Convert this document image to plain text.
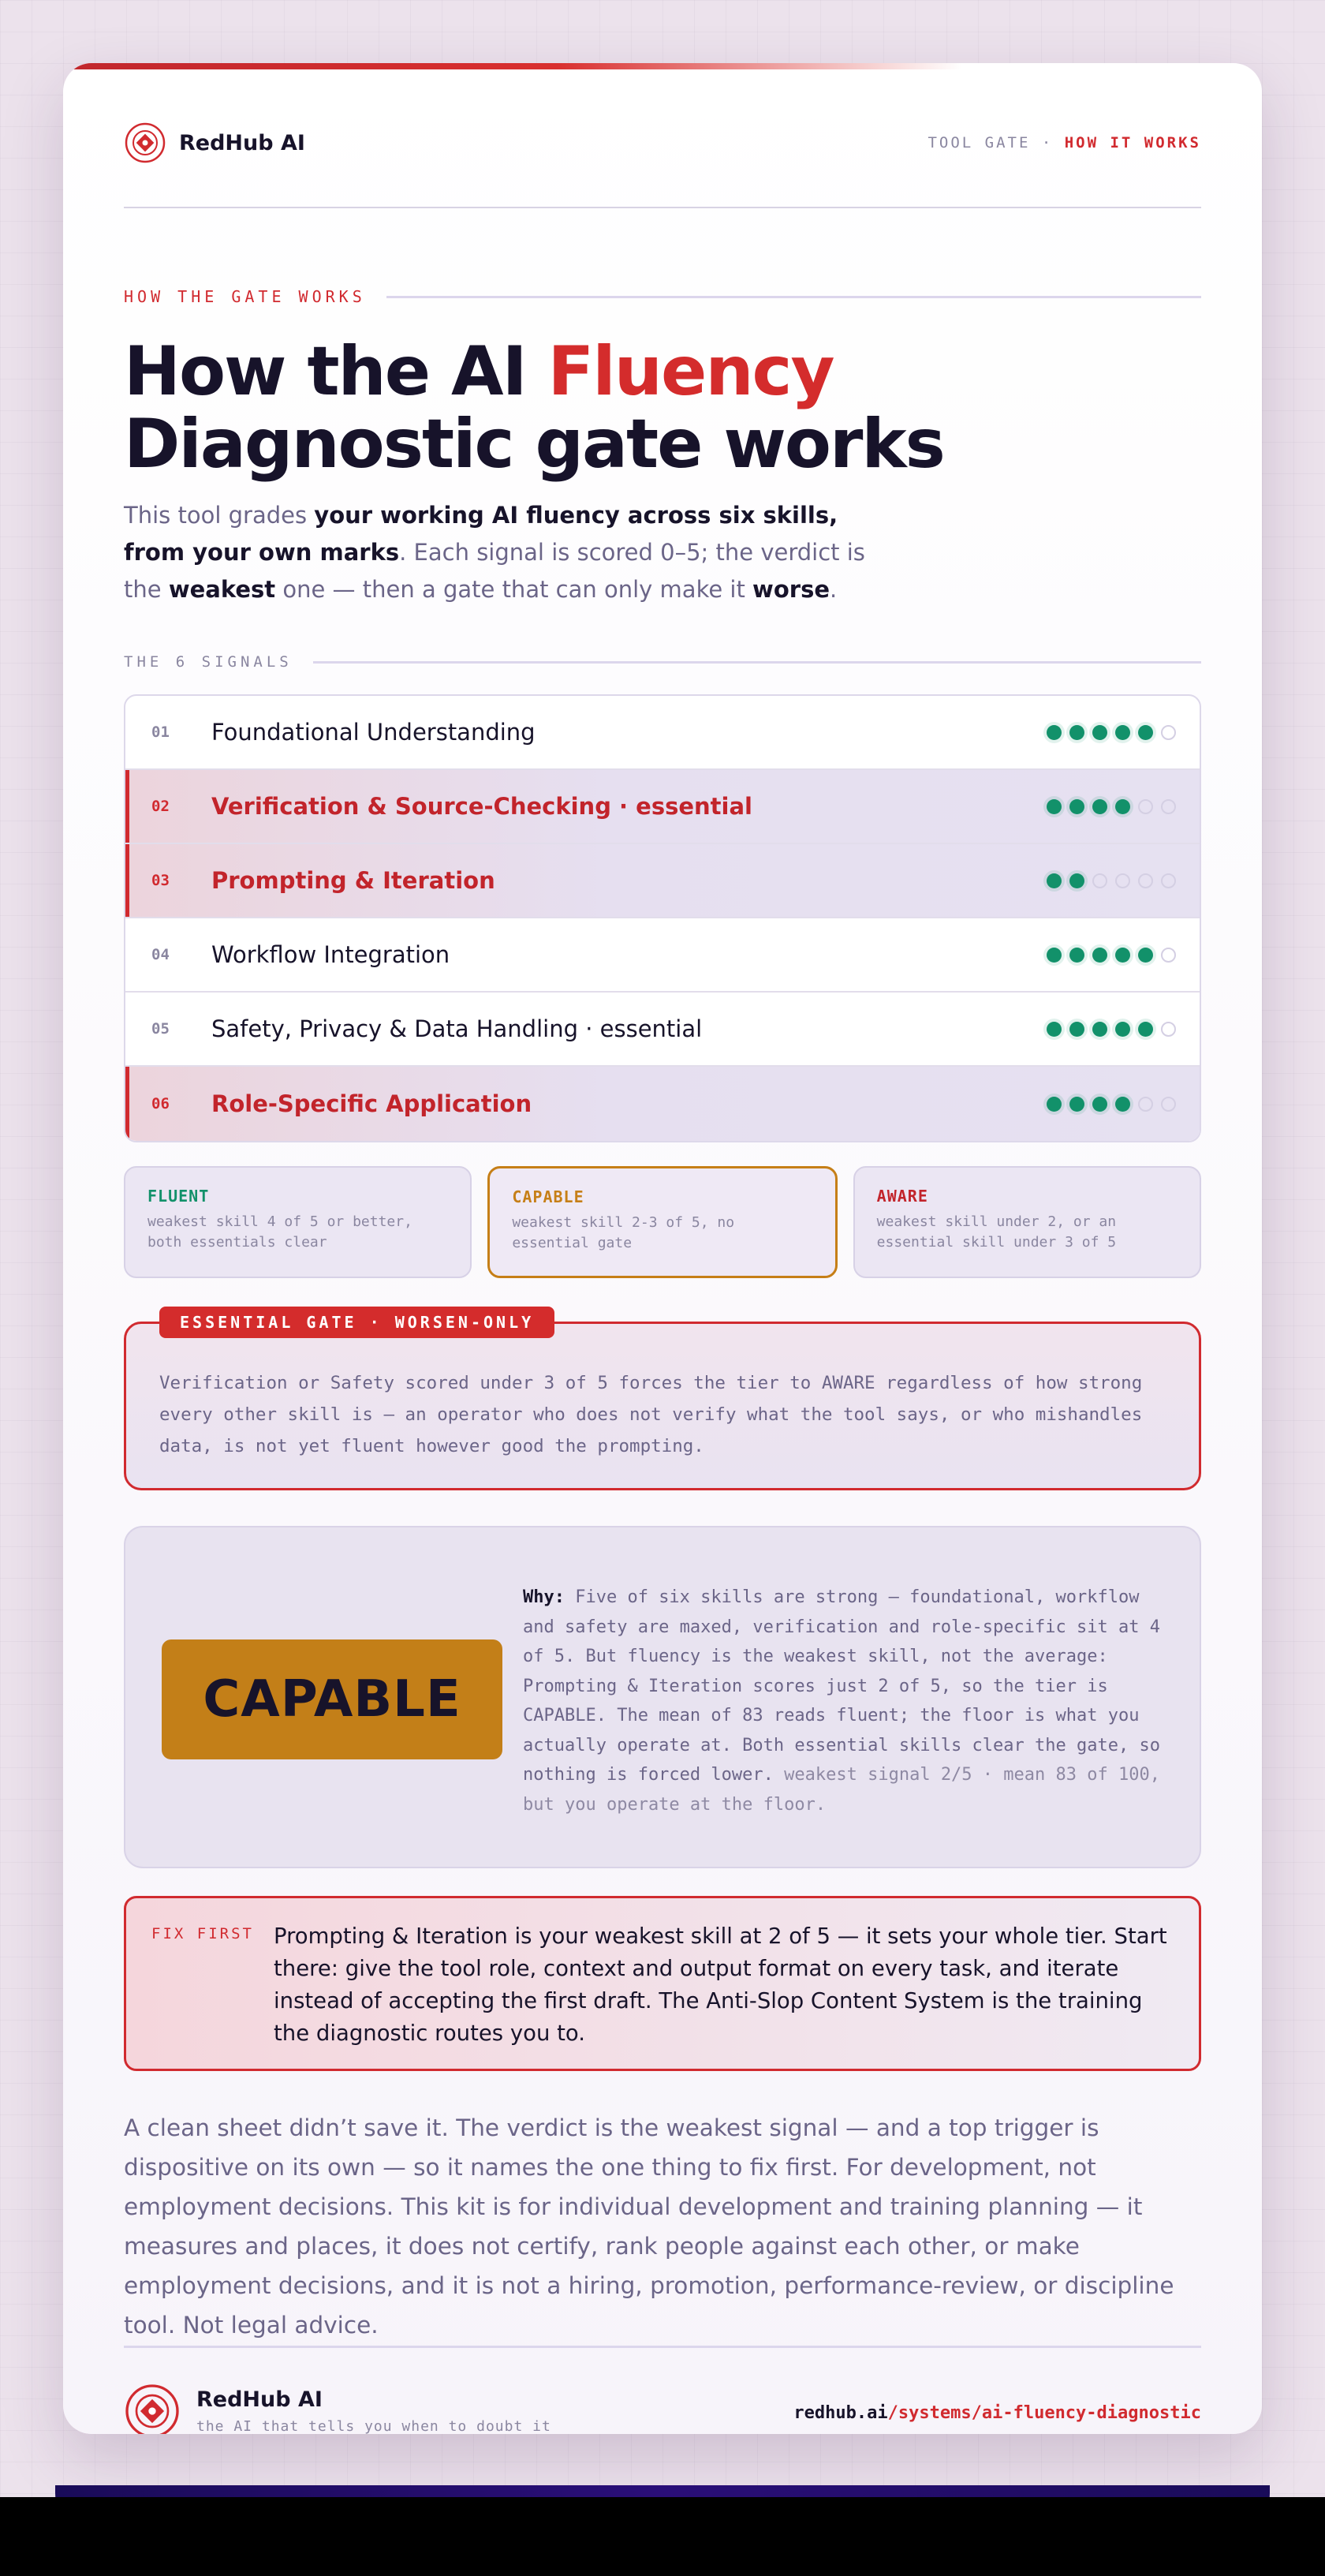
RedHub AI	TOOL GATE · HOW IT WORKS
HOW THE GATE WORKS
How the AI Fluency
Diagnostic gate works

This tool grades your working AI fluency across six skills, from your own marks. Each signal is scored 0–5; the verdict is the weakest one — then a gate that can only make it worse.

THE 6 SIGNALS
01 Foundational Understanding
02 Verification & Source-Checking · essential
03 Prompting & Iteration
04 Workflow Integration
05 Safety, Privacy & Data Handling · essential
06 Role-Specific Application
FLUENT
weakest skill 4 of 5 or better, both essentials clear
CAPABLE
weakest skill 2-3 of 5, no essential gate
AWARE
weakest skill under 2, or an essential skill under 3 of 5
ESSENTIAL GATE · WORSEN-ONLY
Verification or Safety scored under 3 of 5 forces the tier to AWARE regardless of how strong every other skill is — an operator who does not verify what the tool says, or who mishandles data, is not yet fluent however good the prompting.
CAPABLE
Why: Five of six skills are strong — foundational, workflow and safety are maxed, verification and role-specific sit at 4 of 5. But fluency is the weakest skill, not the average: Prompting & Iteration scores just 2 of 5, so the tier is CAPABLE. The mean of 83 reads fluent; the floor is what you actually operate at. Both essential skills clear the gate, so nothing is forced lower. weakest signal 2/5 · mean 83 of 100, but you operate at the floor.
FIX FIRST Prompting & Iteration is your weakest skill at 2 of 5 — it sets your whole tier. Start there: give the tool role, context and output format on every task, and iterate instead of accepting the first draft. The Anti-Slop Content System is the training the diagnostic routes you to.

A clean sheet didn’t save it. The verdict is the weakest signal — and a top trigger is dispositive on its own — so it names the one thing to fix first. For development, not employment decisions. This kit is for individual development and training planning — it measures and places, it does not certify, rank people against each other, or make employment decisions, and it is not a hiring, promotion, performance-review, or discipline tool. Not legal advice.

RedHub AI
the AI that tells you when to doubt it
redhub.ai/systems/ai-fluency-diagnostic
